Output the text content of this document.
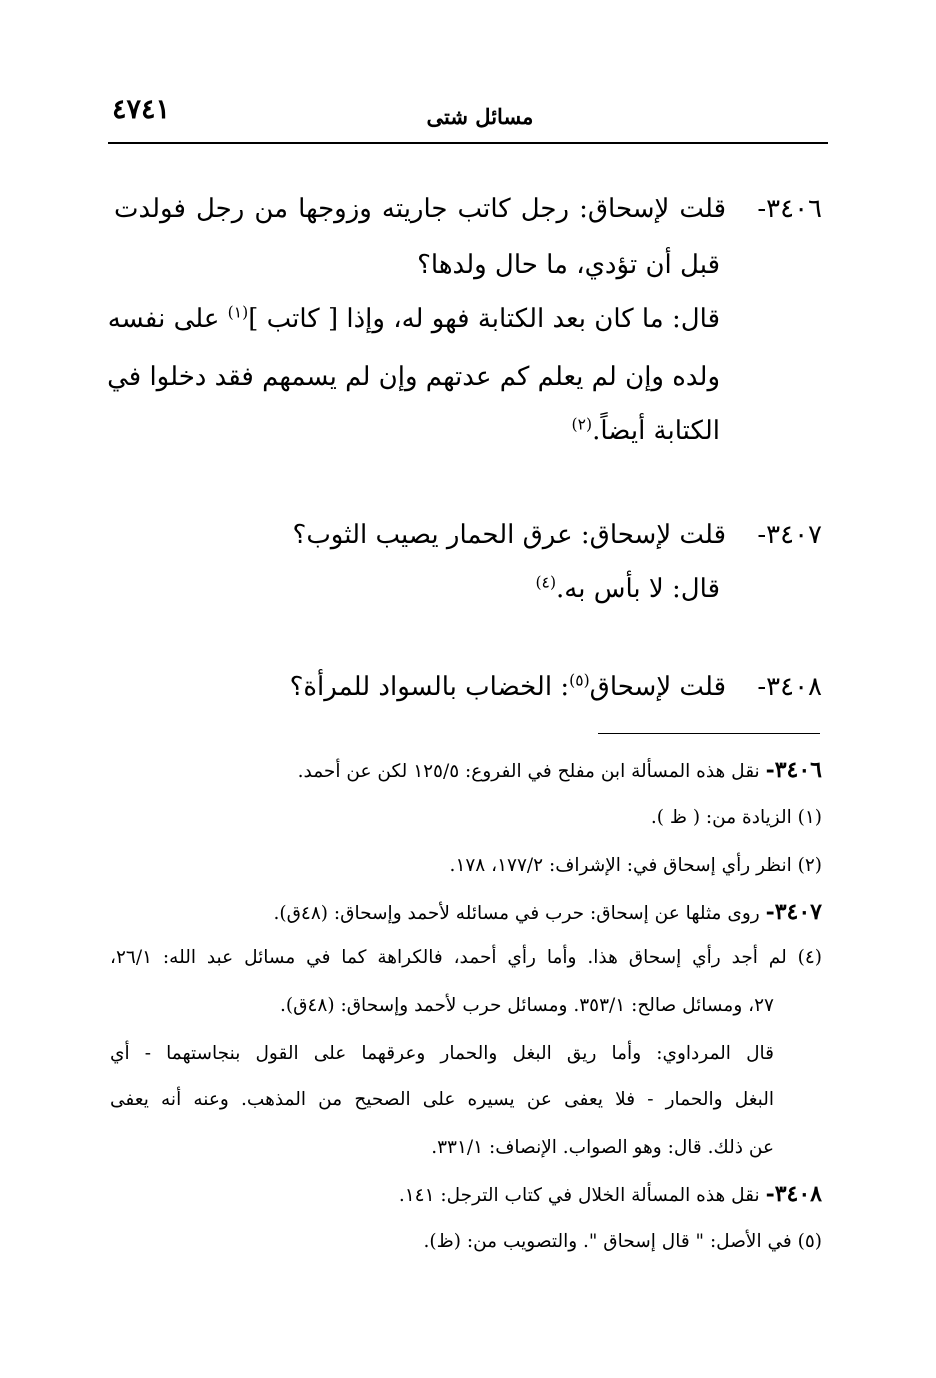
٤٧٤١	مسائل شتى
٣٤٠٦-قلت لإسحاق: رجل كاتب جاريته وزوجها من رجل فولدت
قبل أن تؤدي، ما حال ولدها؟
قال: ما كان بعد الكتابة فهو له، وإذا [ كاتب ]$^{(١)}$ على نفسه
ولده وإن لم يعلم كم عدتهم وإن لم يسمهم فقد دخلوا في
الكتابة أيضاً.$^{(٢)}$
٣٤٠٧-قلت لإسحاق: عرق الحمار يصيب الثوب؟
قال: لا بأس به.$^{(٤)}$
٣٤٠٨-قلت لإسحاق$^{(٥)}$: الخضاب بالسواد للمرأة؟
٣٤٠٦- نقل هذه المسألة ابن مفلح في الفروع: ١٢٥/٥ لكن عن أحمد.
(١) الزيادة من: ( ظ ).
(٢) انظر رأي إسحاق في: الإشراف: ١٧٧/٢، ١٧٨.
٣٤٠٧- روى مثلها عن إسحاق: حرب في مسائله لأحمد وإسحاق: (٤٨ق).
(٤) لم أجد رأي إسحاق هذا. وأما رأي أحمد، فالكراهة كما في مسائل عبد الله: ٢٦/١،
٢٧، ومسائل صالح: ٣٥٣/١. ومسائل حرب لأحمد وإسحاق: (٤٨ق).
قال المرداوي: وأما ريق البغل والحمار وعرقهما على القول بنجاستهما - أي
البغل والحمار - فلا يعفى عن يسيره على الصحيح من المذهب. وعنه أنه يعفى
عن ذلك. قال: وهو الصواب. الإنصاف: ٣٣١/١.
٣٤٠٨- نقل هذه المسألة الخلال في كتاب الترجل: ١٤١.
(٥) في الأصل: " قال إسحاق ". والتصويب من: (ظ).
